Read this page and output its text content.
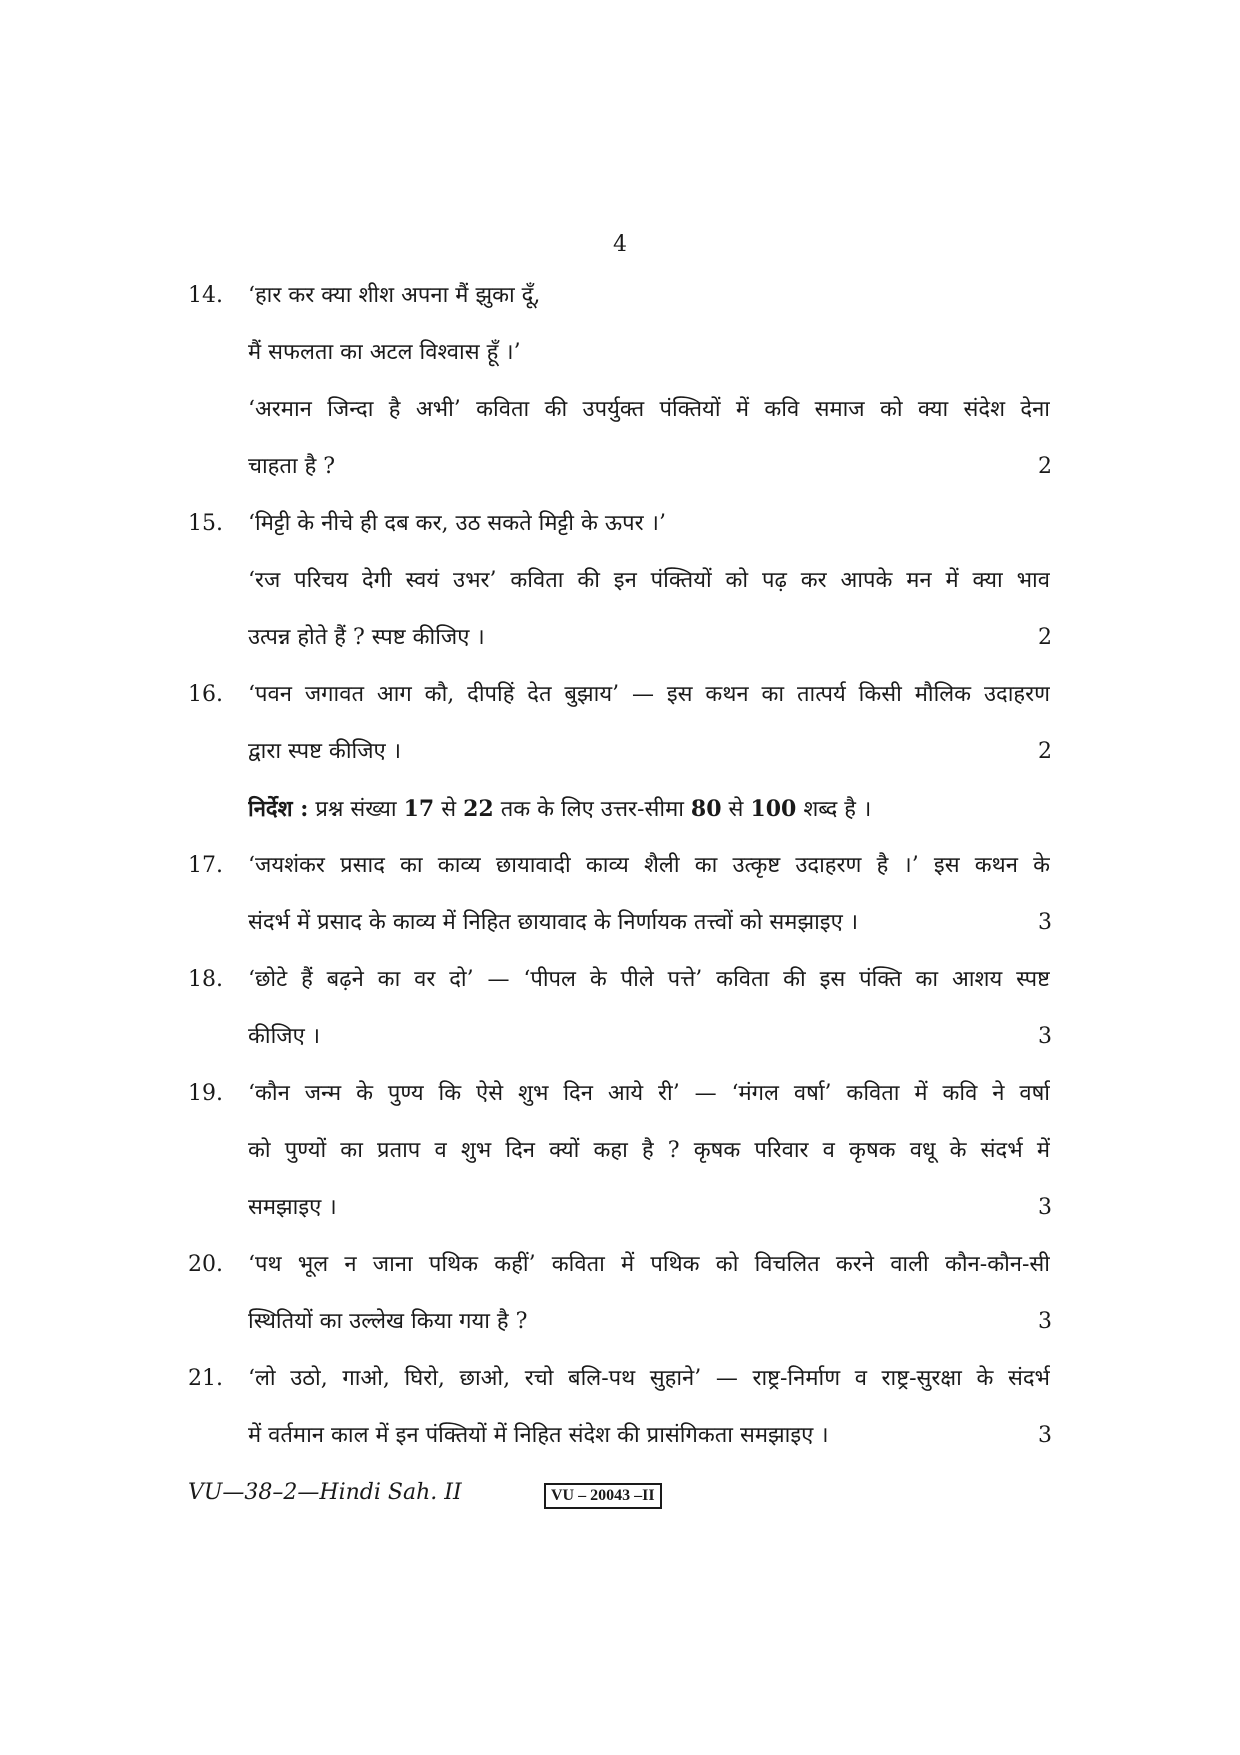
4
14.	‘हार कर क्या शीश अपना मैं झुका दूँ,
मैं सफलता का अटल विश्वास हूँ ।’
‘अरमान जिन्दा है अभी’ कविता की उपर्युक्त पंक्तियों में कवि समाज को क्या संदेश देना
चाहता है ?	2
15.	‘मिट्टी के नीचे ही दब कर, उठ सकते मिट्टी के ऊपर ।’
‘रज परिचय देगी स्वयं उभर’ कविता की इन पंक्तियों को पढ़ कर आपके मन में क्या भाव
उत्पन्न होते हैं ? स्पष्ट कीजिए ।	2
16.	‘पवन जगावत आग कौ, दीपहिं देत बुझाय’ — इस कथन का तात्पर्य किसी मौलिक उदाहरण
द्वारा स्पष्ट कीजिए ।	2
निर्देश : प्रश्न संख्या 17 से 22 तक के लिए उत्तर-सीमा 80 से 100 शब्द है ।
17.	‘जयशंकर प्रसाद का काव्य छायावादी काव्य शैली का उत्कृष्ट उदाहरण है ।’ इस कथन के
संदर्भ में प्रसाद के काव्य में निहित छायावाद के निर्णायक तत्त्वों को समझाइए ।	3
18.	‘छोटे हैं बढ़ने का वर दो’ — ‘पीपल के पीले पत्ते’ कविता की इस पंक्ति का आशय स्पष्ट
कीजिए ।	3
19.	‘कौन जन्म के पुण्य कि ऐसे शुभ दिन आये री’ — ‘मंगल वर्षा’ कविता में कवि ने वर्षा
को पुण्यों का प्रताप व शुभ दिन क्यों कहा है ? कृषक परिवार व कृषक वधू के संदर्भ में
समझाइए ।	3
20.	‘पथ भूल न जाना पथिक कहीं’ कविता में पथिक को विचलित करने वाली कौन-कौन-सी
स्थितियों का उल्लेख किया गया है ?	3
21.	‘लो उठो, गाओ, घिरो, छाओ, रचो बलि-पथ सुहाने’ — राष्ट्र-निर्माण व राष्ट्र-सुरक्षा के संदर्भ
में वर्तमान काल में इन पंक्तियों में निहित संदेश की प्रासंगिकता समझाइए ।	3
VU—38–2—Hindi Sah. II	VU – 20043 –II
